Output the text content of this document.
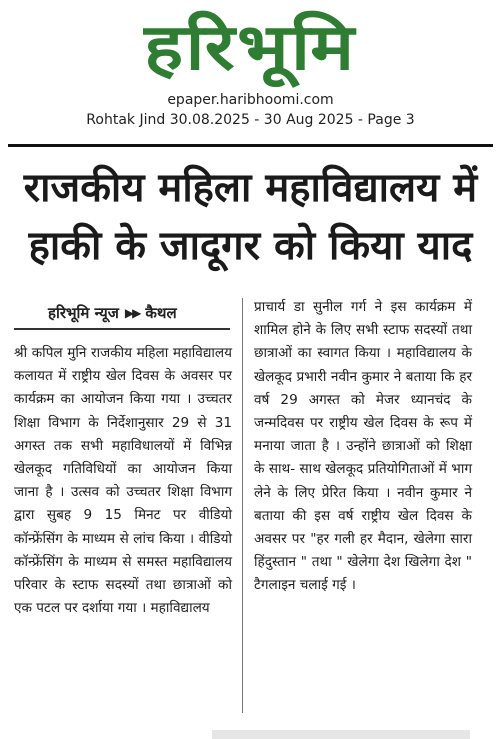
हरिभूमि
epaper.haribhoomi.com
Rohtak Jind 30.08.2025 - 30 Aug 2025 - Page 3
राजकीय महिला महाविद्यालय में
हाकी के जादूगर को किया याद
हरिभूमि न्यूज ▶▶ कैथल

श्री कपिल मुनि राजकीय महिला महाविद्यालय कलायत में राष्ट्रीय खेल दिवस के अवसर पर कार्यक्रम का आयोजन किया गया । उच्चतर शिक्षा विभाग के निर्देशानुसार 29 से 31 अगस्त तक सभी महाविधालयों में विभिन्न खेलकूद गतिविधियों का आयोजन किया जाना है । उत्सव को उच्चतर शिक्षा विभाग द्वारा सुबह 9 15 मिनट पर वीडियो कॉन्फ्रेंसिंग के माध्यम से लांच किया । वीडियो कॉन्फ्रेंसिंग के माध्यम से समस्त महाविद्यालय परिवार के स्टाफ सदस्यों तथा छात्राओं को एक पटल पर दर्शाया गया । महाविद्यालय

प्राचार्य डा सुनील गर्ग ने इस कार्यक्रम में शामिल होने के लिए सभी स्टाफ सदस्यों तथा छात्राओं का स्वागत किया । महाविद्यालय के खेलकूद प्रभारी नवीन कुमार ने बताया कि हर वर्ष 29 अगस्त को मेजर ध्यानचंद के जन्मदिवस पर राष्ट्रीय खेल दिवस के रूप में मनाया जाता है । उन्होंने छात्राओं को शिक्षा के साथ- साथ खेलकूद प्रतियोगिताओं में भाग लेने के लिए प्रेरित किया । नवीन कुमार ने बताया की इस वर्ष राष्ट्रीय खेल दिवस के अवसर पर "हर गली हर मैदान, खेलेगा सारा हिंदुस्तान " तथा " खेलेगा देश खिलेगा देश " टैगलाइन चलाई गई ।
